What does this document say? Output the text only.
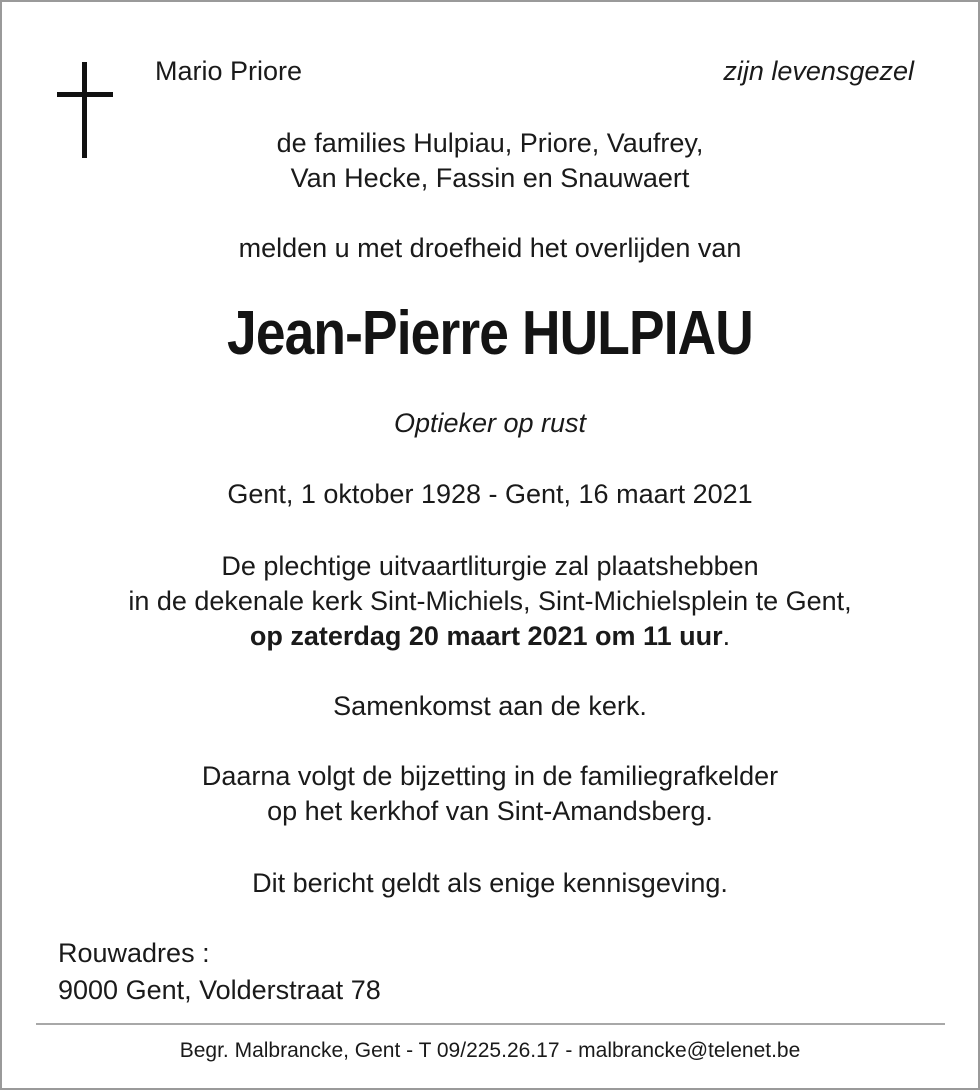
Mario Priore	zijn levensgezel
de families Hulpiau, Priore, Vaufrey,
Van Hecke, Fassin en Snauwaert
melden u met droefheid het overlijden van
Jean-Pierre HULPIAU
Optieker op rust
Gent, 1 oktober 1928 - Gent, 16 maart 2021
De plechtige uitvaartliturgie zal plaatshebben
in de dekenale kerk Sint-Michiels, Sint-Michielsplein te Gent,
op zaterdag 20 maart 2021 om 11 uur.
Samenkomst aan de kerk.
Daarna volgt de bijzetting in de familiegrafkelder
op het kerkhof van Sint-Amandsberg.
Dit bericht geldt als enige kennisgeving.
Rouwadres :
9000 Gent, Volderstraat 78
Begr. Malbrancke, Gent - T 09/225.26.17 - malbrancke@telenet.be
